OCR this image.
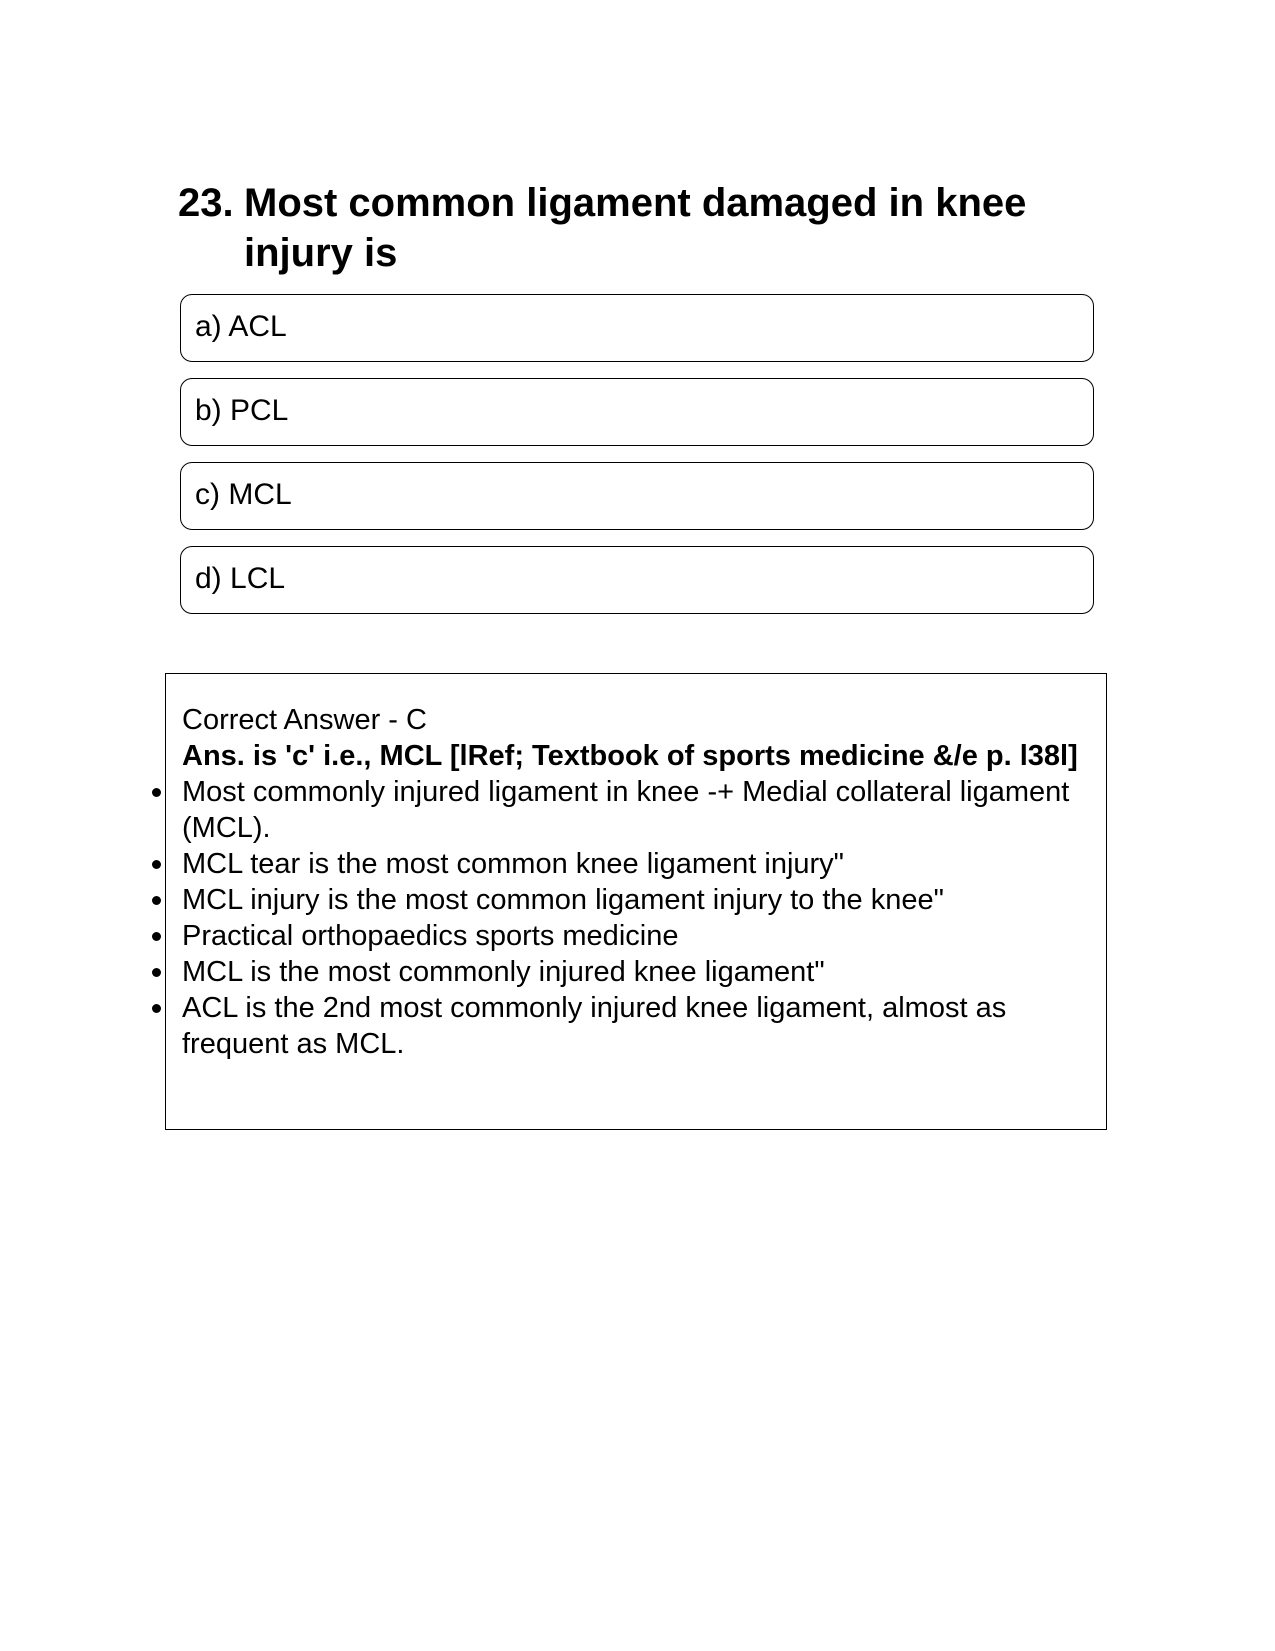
23. Most common ligament damaged in knee injury is
a) ACL
b) PCL
c) MCL
d) LCL
Correct Answer - C
Ans. is 'c' i.e., MCL [lRef; Textbook of sports medicine &/e p. l38l]
Most commonly injured ligament in knee -+ Medial collateral ligament (MCL).
MCL tear is the most common knee ligament injury"
MCL injury is the most common ligament injury to the knee"
Practical orthopaedics sports medicine
MCL is the most commonly injured knee ligament"
ACL is the 2nd most commonly injured knee ligament, almost as frequent as MCL.
